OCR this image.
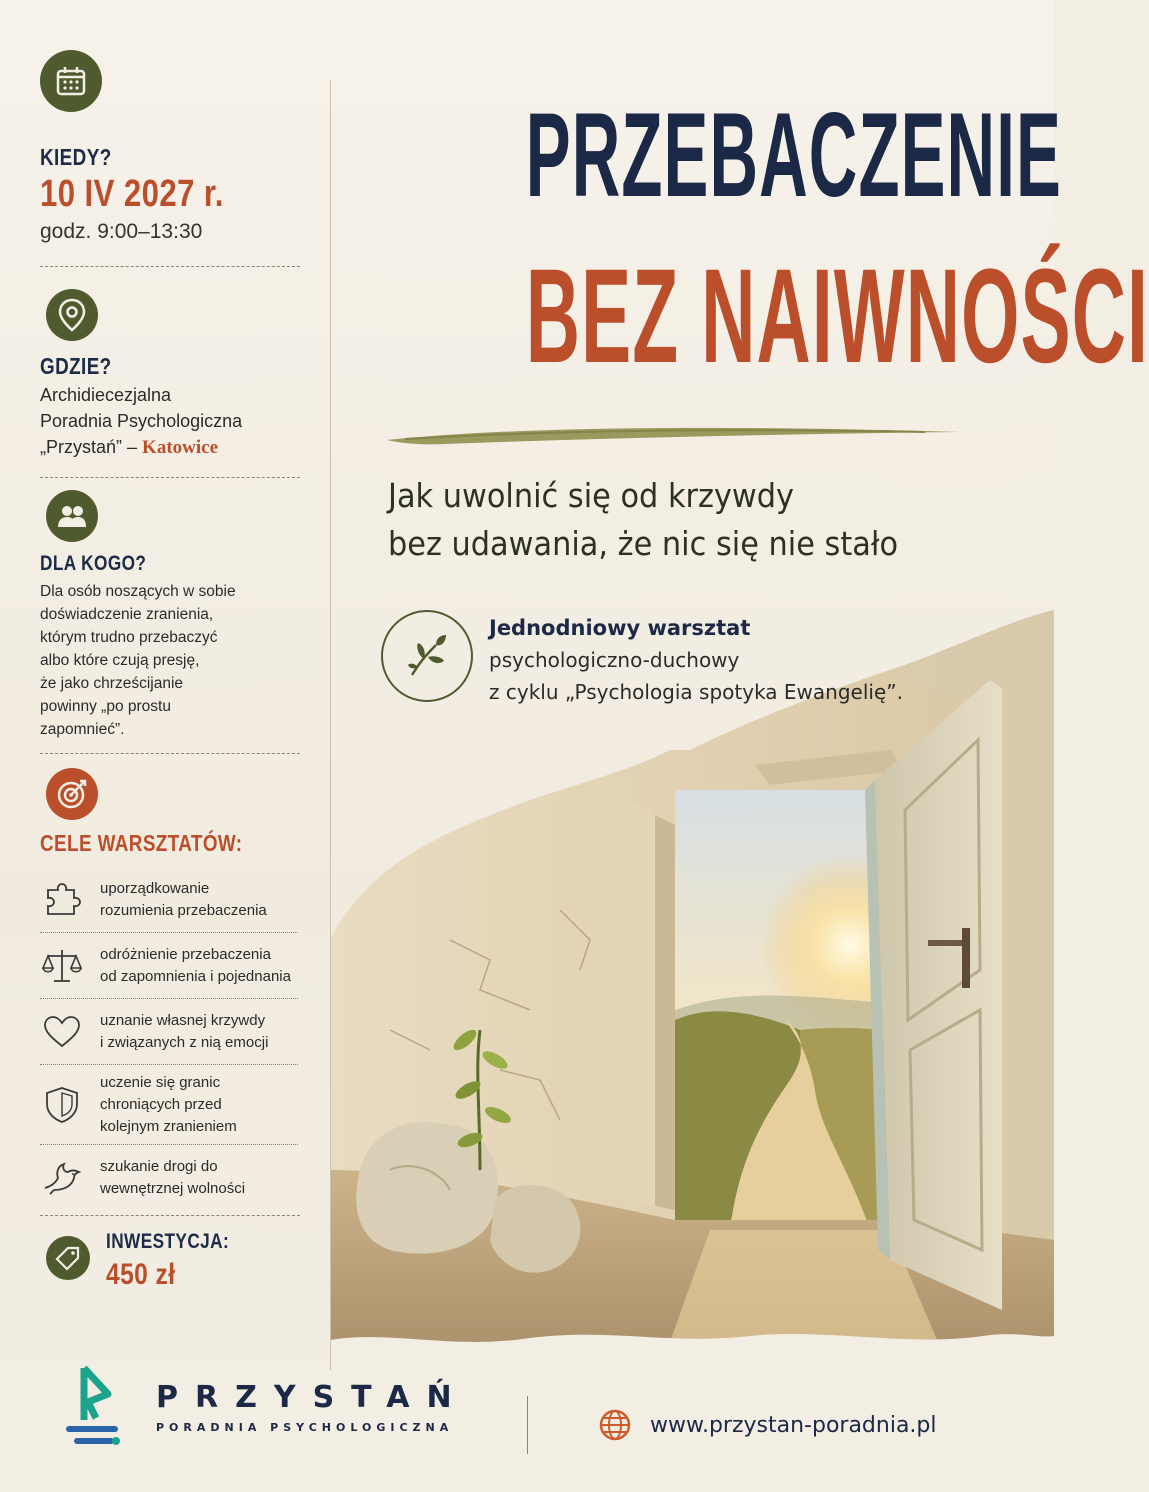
KIEDY?
10 IV 2027 r.
godz. 9:00–13:30
GDZIE?
Archidiecezjalna
Poradnia Psychologiczna
„Przystań” – Katowice
DLA KOGO?
Dla osób noszących w sobie
doświadczenie zranienia,
którym trudno przebaczyć
albo które czują presję,
że jako chrześcijanie
powinny „po prostu
zapomnieć”.
CELE WARSZTATÓW:
uporządkowanie
rozumienia przebaczenia
odróżnienie przebaczenia
od zapomnienia i pojednania
uznanie własnej krzywdy
i związanych z nią emocji
uczenie się granic
chroniących przed
kolejnym zranieniem
szukanie drogi do
wewnętrznej wolności
INWESTYCJA:
450 zł
PRZEBACZENIE
BEZ NAIWNOŚCI
Jak uwolnić się od krzywdy
bez udawania, że nic się nie stało
Jednodniowy warsztat
psychologiczno-duchowy
z cyklu „Psychologia spotyka Ewangelię”.
PRZYSTAŃ
PORADNIA PSYCHOLOGICZNA	www.przystan-poradnia.pl
